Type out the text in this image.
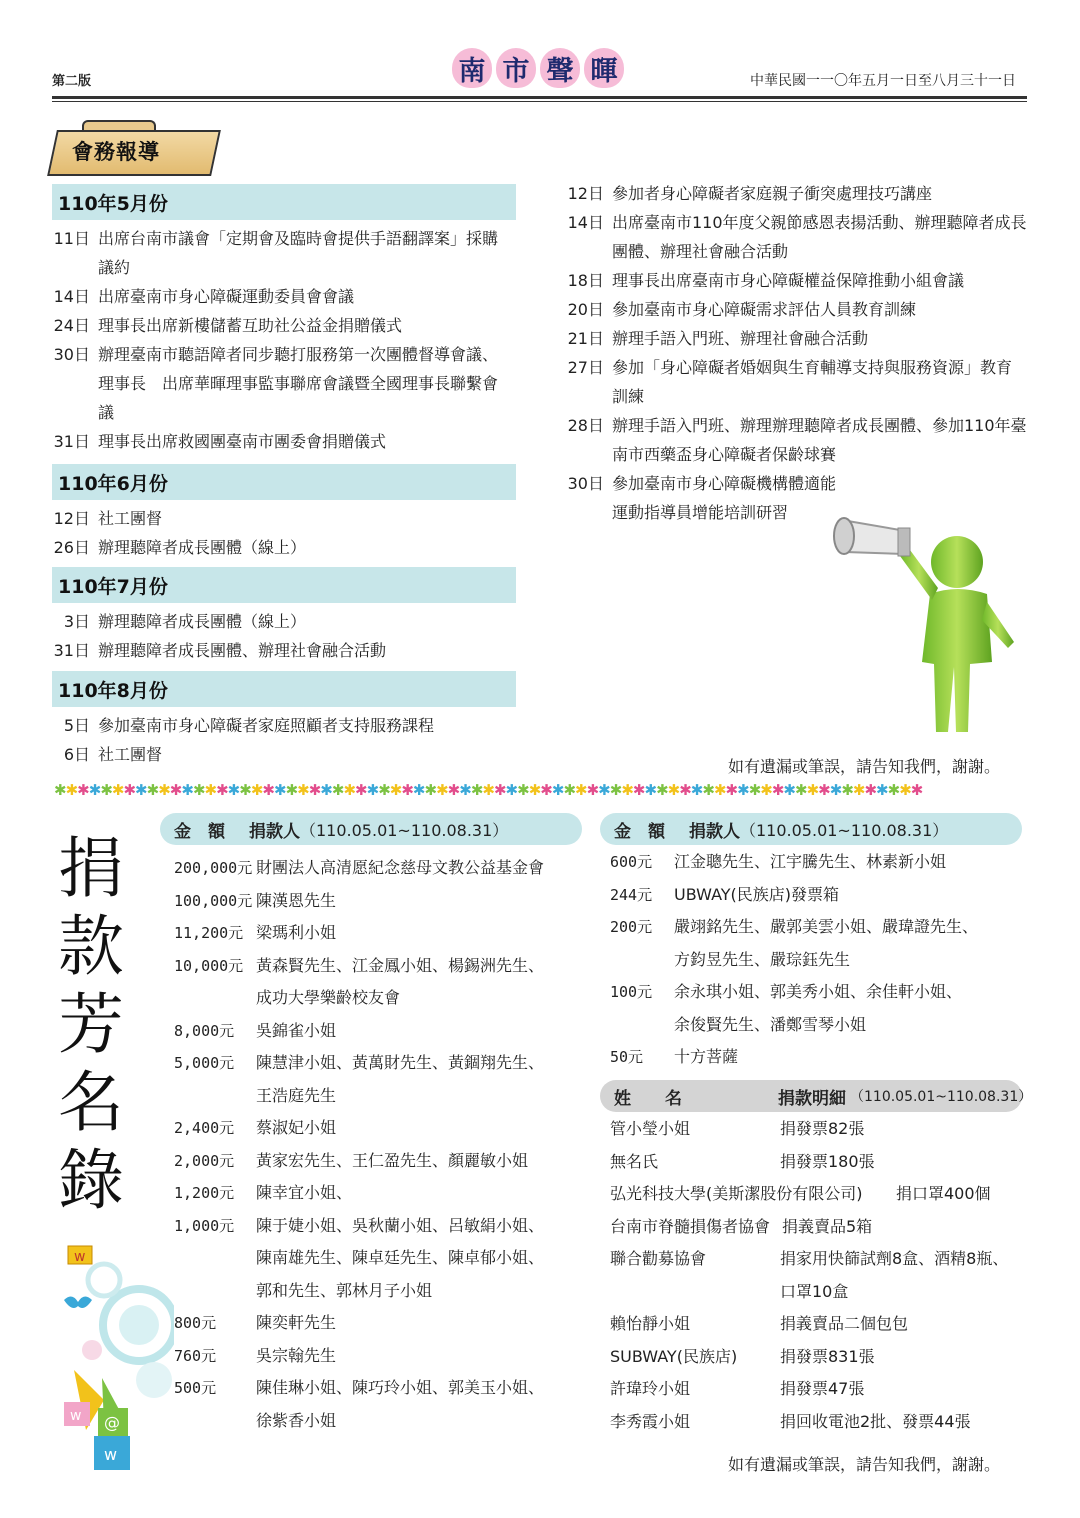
第二版	南 市 聲 暉	中華民國一一〇年五月一日至八月三十一日
會務報導
110年5月份
11日 出席台南市議會「定期會及臨時會提供手語翻譯案」採購
議約
14日 出席臺南市身心障礙運動委員會會議
24日 理事長出席新樓儲蓄互助社公益金捐贈儀式
30日 辦理臺南市聽語障者同步聽打服務第一次團體督導會議、
理事長　出席華暉理事監事聯席會議暨全國理事長聯繫會
議
31日 理事長出席救國團臺南市團委會捐贈儀式
110年6月份
12日 社工團督
26日 辦理聽障者成長團體（線上）
110年7月份
3日 辦理聽障者成長團體（線上）
31日 辦理聽障者成長團體、辦理社會融合活動
110年8月份
5日 參加臺南市身心障礙者家庭照顧者支持服務課程
6日 社工團督
12日 參加者身心障礙者家庭親子衝突處理技巧講座
14日 出席臺南市110年度父親節感恩表揚活動、辦理聽障者成長
團體、辦理社會融合活動
18日 理事長出席臺南市身心障礙權益保障推動小組會議
20日 參加臺南市身心障礙需求評估人員教育訓練
21日 辦理手語入門班、辦理社會融合活動
27日 參加「身心障礙者婚姻與生育輔導支持與服務資源」教育
訓練
28日 辦理手語入門班、辦理辦理聽障者成長團體、參加110年臺
南市西藥盃身心障礙者保齡球賽
30日 參加臺南市身心障礙機構體適能
運動指導員增能培訓研習
如有遺漏或筆誤，請告知我們，謝謝。
✱✱✱✱✱✱✱✱✱✱✱✱✱✱✱✱✱✱✱✱✱✱✱✱✱✱✱✱✱✱✱✱✱✱✱✱✱✱✱✱✱✱✱✱✱✱✱✱✱✱✱✱✱✱✱✱✱✱✱✱✱✱✱✱✱✱✱✱✱✱✱✱✱✱✱
捐
款
芳
名
錄
w
w @
w
金　額 捐款人 （110.05.01~110.08.31）	金　額 捐款人 （110.05.01~110.08.31）
姓　　名	捐款明細 （110.05.01~110.08.31）
200,000元 財團法人高清愿紀念慈母文教公益基金會
100,000元 陳漢恩先生
11,200元 梁瑪利小姐
10,000元 黃森賢先生、江金鳳小姐、楊錫洲先生、
成功大學樂齡校友會
8,000元 吳錦雀小姐
5,000元 陳慧津小姐、黃萬財先生、黃錮翔先生、
王浩庭先生
2,400元 蔡淑妃小姐
2,000元 黃家宏先生、王仁盈先生、顏麗敏小姐
1,200元 陳幸宜小姐、
1,000元 陳于婕小姐、吳秋蘭小姐、呂敏絹小姐、
陳南雄先生、陳卓廷先生、陳卓郁小姐、
郭和先生、郭林月子小姐
800元 陳奕軒先生
760元 吳宗翰先生
500元 陳佳琳小姐、陳巧玲小姐、郭美玉小姐、
徐紫香小姐
600元 江金聰先生、江宇騰先生、林素新小姐
244元 UBWAY(民族店)發票箱
200元 嚴翊銘先生、嚴郭美雲小姐、嚴瑋證先生、
方鈞昱先生、嚴琮鈺先生
100元 余永琪小姐、郭美秀小姐、余佳軒小姐、
余俊賢先生、潘鄭雪琴小姐
50元 十方菩薩
管小瑩小姐	捐發票82張
無名氏	捐發票180張
弘光科技大學(美斯潔股份有限公司) 捐口罩400個
台南市脊髓損傷者協會 捐義賣品5箱
聯合勸募協會	捐家用快篩試劑8盒、酒精8瓶、
口罩10盒
賴怡靜小姐	捐義賣品二個包包
SUBWAY(民族店)	捐發票831張
許瑋玲小姐	捐發票47張
李秀霞小姐	捐回收電池2批、發票44張
如有遺漏或筆誤，請告知我們，謝謝。
